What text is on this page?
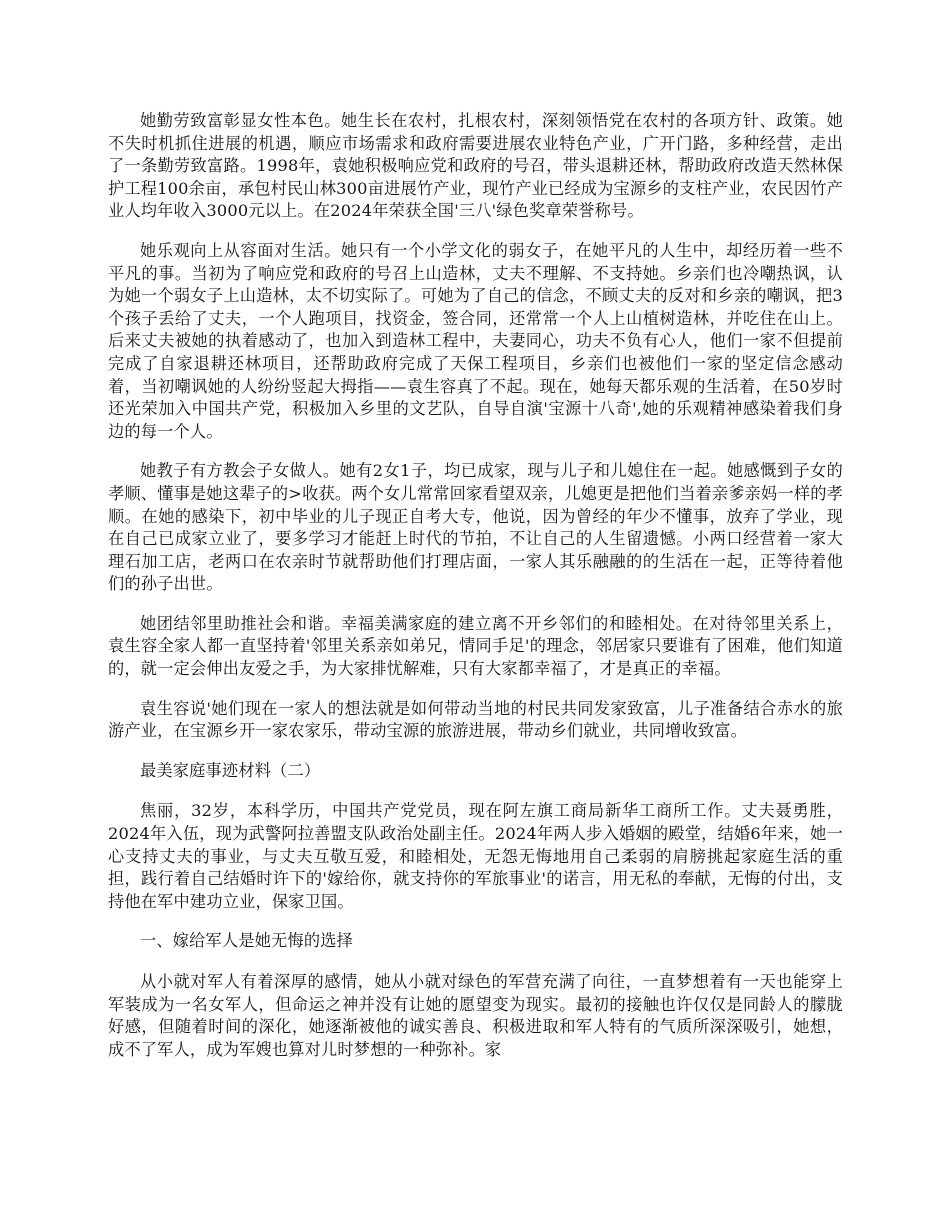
她勤劳致富彰显女性本色。她生长在农村，扎根农村，深刻领悟党在农村的各项方针、政策。她不失时机抓住进展的机遇，顺应市场需求和政府需要进展农业特色产业，广开门路，多种经营，走出了一条勤劳致富路。1998年，袁她积极响应党和政府的号召，带头退耕还林，帮助政府改造天然林保护工程100余亩，承包村民山林300亩进展竹产业，现竹产业已经成为宝源乡的支柱产业，农民因竹产业人均年收入3000元以上。在2024年荣获全国'三八'绿色奖章荣誉称号。

她乐观向上从容面对生活。她只有一个小学文化的弱女子，在她平凡的人生中，却经历着一些不平凡的事。当初为了响应党和政府的号召上山造林，丈夫不理解、不支持她。乡亲们也冷嘲热讽，认为她一个弱女子上山造林，太不切实际了。可她为了自己的信念，不顾丈夫的反对和乡亲的嘲讽，把3个孩子丢给了丈夫，一个人跑项目，找资金，签合同，还常常一个人上山植树造林，并吃住在山上。后来丈夫被她的执着感动了，也加入到造林工程中，夫妻同心，功夫不负有心人，他们一家不但提前完成了自家退耕还林项目，还帮助政府完成了天保工程项目，乡亲们也被他们一家的坚定信念感动着，当初嘲讽她的人纷纷竖起大拇指——袁生容真了不起。现在，她每天都乐观的生活着，在50岁时还光荣加入中国共产党，积极加入乡里的文艺队，自导自演'宝源十八奇',她的乐观精神感染着我们身边的每一个人。

她教子有方教会子女做人。她有2女1子，均已成家，现与儿子和儿媳住在一起。她感慨到子女的孝顺、懂事是她这辈子的>收获。两个女儿常常回家看望双亲，儿媳更是把他们当着亲爹亲妈一样的孝顺。在她的感染下，初中毕业的儿子现正自考大专，他说，因为曾经的年少不懂事，放弃了学业，现在自己已成家立业了，要多学习才能赶上时代的节拍，不让自己的人生留遗憾。小两口经营着一家大理石加工店，老两口在农亲时节就帮助他们打理店面，一家人其乐融融的的生活在一起，正等待着他们的孙子出世。

她团结邻里助推社会和谐。幸福美满家庭的建立离不开乡邻们的和睦相处。在对待邻里关系上，袁生容全家人都一直坚持着'邻里关系亲如弟兄，情同手足'的理念，邻居家只要谁有了困难，他们知道的，就一定会伸出友爱之手，为大家排忧解难，只有大家都幸福了，才是真正的幸福。

袁生容说'她们现在一家人的想法就是如何带动当地的村民共同发家致富，儿子准备结合赤水的旅游产业，在宝源乡开一家农家乐，带动宝源的旅游进展，带动乡们就业，共同增收致富。

最美家庭事迹材料（二）

焦丽，32岁，本科学历，中国共产党党员，现在阿左旗工商局新华工商所工作。丈夫聂勇胜，2024年入伍，现为武警阿拉善盟支队政治处副主任。2024年两人步入婚姻的殿堂，结婚6年来，她一心支持丈夫的事业，与丈夫互敬互爱，和睦相处，无怨无悔地用自己柔弱的肩膀挑起家庭生活的重担，践行着自己结婚时许下的'嫁给你，就支持你的军旅事业'的诺言，用无私的奉献，无悔的付出，支持他在军中建功立业，保家卫国。

一、嫁给军人是她无悔的选择

从小就对军人有着深厚的感情，她从小就对绿色的军营充满了向往，一直梦想着有一天也能穿上军装成为一名女军人，但命运之神并没有让她的愿望变为现实。最初的接触也许仅仅是同龄人的朦胧好感，但随着时间的深化，她逐渐被他的诚实善良、积极进取和军人特有的气质所深深吸引，她想，成不了军人，成为军嫂也算对儿时梦想的一种弥补。家
